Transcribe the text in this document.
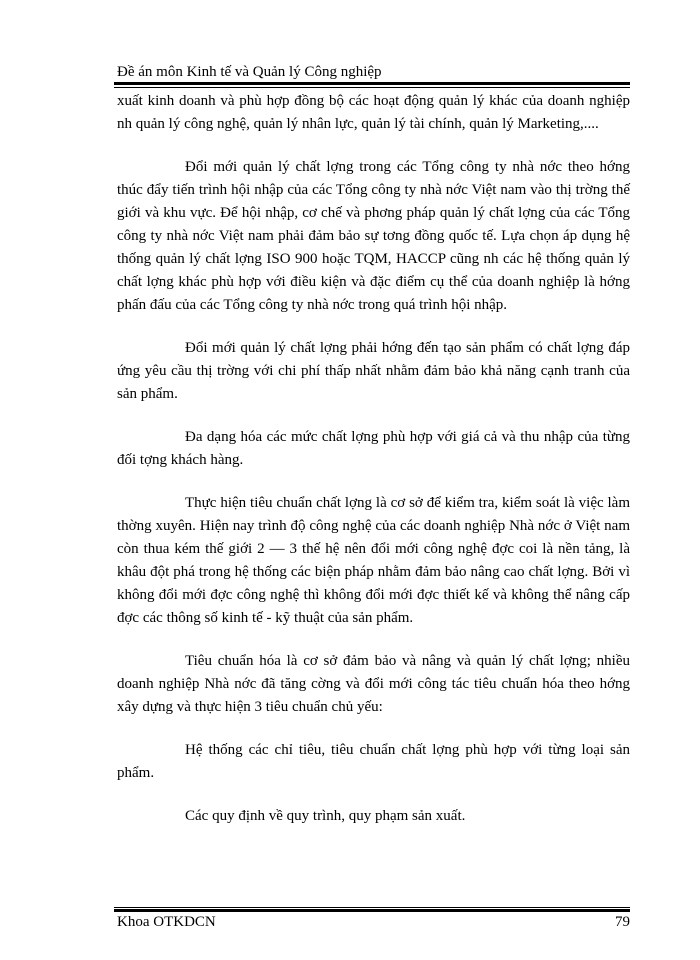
Đề án môn Kinh tế và Quản lý Công nghiệp

xuất kinh doanh và phù hợp đồng bộ các hoạt động quản lý khác của doanh nghiệp nh quản lý công nghệ, quản lý nhân lực, quản lý tài chính, quản lý Marketing,....

Đổi mới quản lý chất lợng trong các Tổng công ty nhà nớc theo hớng thúc đẩy tiến trình hội nhập của các Tổng công ty nhà nớc Việt nam vào thị trờng thế giới và khu vực. Để hội nhập, cơ chế và phơng pháp quản lý chất lợng của các Tổng công ty nhà nớc Việt nam phải đảm bảo sự tơng đồng quốc tế. Lựa chọn áp dụng hệ thống quản lý chất lợng ISO 900 hoặc TQM, HACCP cũng nh các hệ thống quản lý chất lợng khác phù hợp với điều kiện và đặc điểm cụ thể của doanh nghiệp là hớng phấn đấu của các Tổng công ty nhà nớc trong quá trình hội nhập.

Đổi mới quản lý chất lợng phải hớng đến tạo sản phẩm có chất lợng đáp ứng yêu cầu thị trờng với chi phí thấp nhất nhằm đảm bảo khả năng cạnh tranh của sản phẩm.

Đa dạng hóa các mức chất lợng phù hợp với giá cả và thu nhập của từng đối tợng khách hàng.

Thực hiện tiêu chuẩn chất lợng là cơ sở để kiểm tra, kiểm soát là việc làm thờng xuyên. Hiện nay trình độ công nghệ của các doanh nghiệp Nhà nớc ở Việt nam còn thua kém thế giới 2 — 3 thế hệ nên đổi mới công nghệ đợc coi là nền tảng, là khâu đột phá trong hệ thống các biện pháp nhằm đảm bảo nâng cao chất lợng. Bởi vì không đổi mới đợc công nghệ thì không đổi mới đợc thiết kế và không thể nâng cấp đợc các thông số kinh tế - kỹ thuật của sản phẩm.

Tiêu chuẩn hóa là cơ sở đảm bảo và nâng và quản lý chất lợng; nhiều doanh nghiệp Nhà nớc đã tăng cờng và đổi mới công tác tiêu chuẩn hóa theo hớng xây dựng và thực hiện 3 tiêu chuẩn chủ yếu:

Hệ thống các chỉ tiêu, tiêu chuẩn chất lợng phù hợp với từng loại sản phẩm.

Các quy định về quy trình, quy phạm sản xuất.

Khoa OTKDCN	79
